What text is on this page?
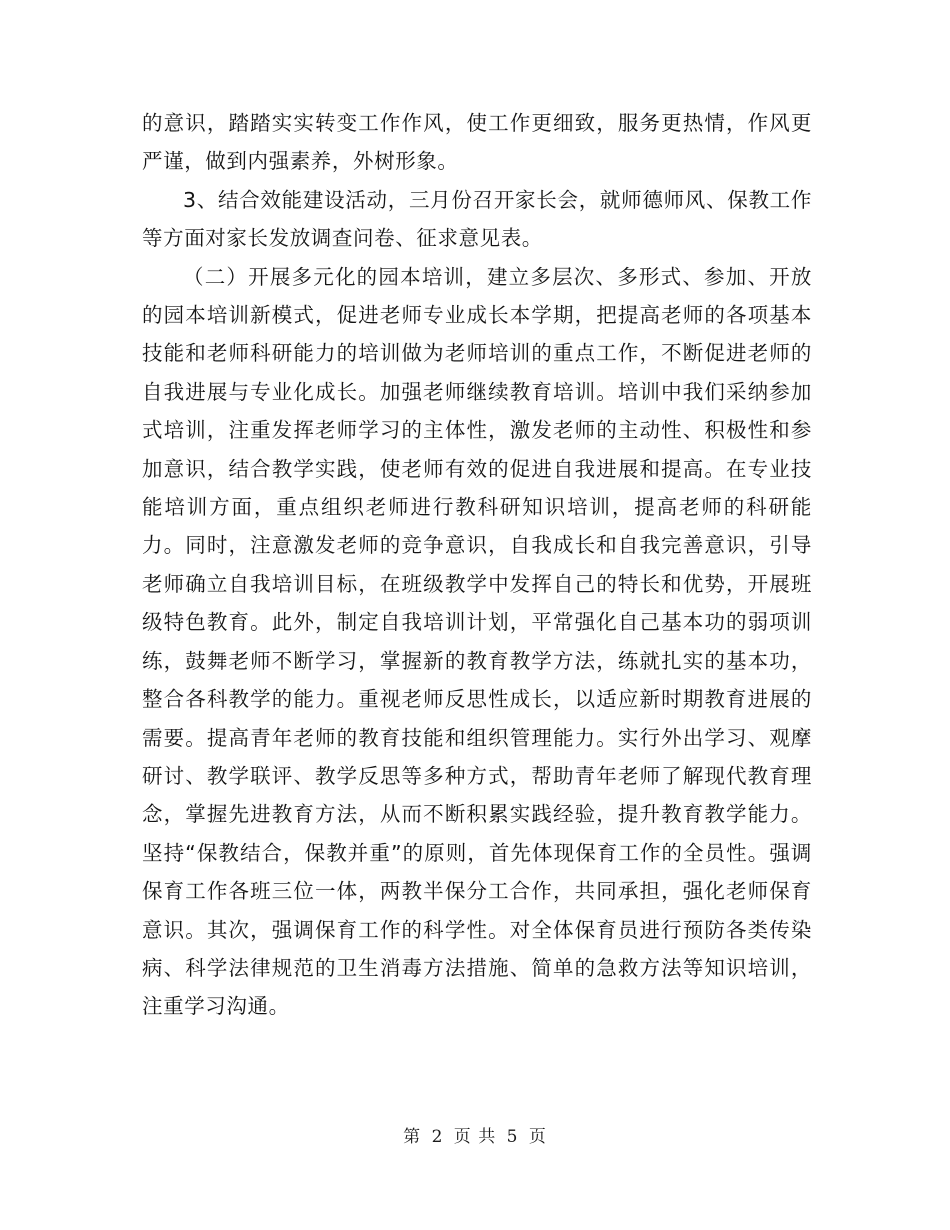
的意识，踏踏实实转变工作作风，使工作更细致，服务更热情，作风更严谨，做到内强素养，外树形象。

3、结合效能建设活动，三月份召开家长会，就师德师风、保教工作等方面对家长发放调查问卷、征求意见表。

（二）开展多元化的园本培训，建立多层次、多形式、参加、开放的园本培训新模式，促进老师专业成长本学期，把提高老师的各项基本技能和老师科研能力的培训做为老师培训的重点工作，不断促进老师的自我进展与专业化成长。加强老师继续教育培训。培训中我们采纳参加式培训，注重发挥老师学习的主体性，激发老师的主动性、积极性和参加意识，结合教学实践，使老师有效的促进自我进展和提高。在专业技能培训方面，重点组织老师进行教科研知识培训，提高老师的科研能力。同时，注意激发老师的竞争意识，自我成长和自我完善意识，引导老师确立自我培训目标，在班级教学中发挥自己的特长和优势，开展班级特色教育。此外，制定自我培训计划，平常强化自己基本功的弱项训练，鼓舞老师不断学习，掌握新的教育教学方法，练就扎实的基本功，整合各科教学的能力。重视老师反思性成长，以适应新时期教育进展的需要。提高青年老师的教育技能和组织管理能力。实行外出学习、观摩研讨、教学联评、教学反思等多种方式，帮助青年老师了解现代教育理念，掌握先进教育方法，从而不断积累实践经验，提升教育教学能力。坚持“保教结合，保教并重”的原则，首先体现保育工作的全员性。强调保育工作各班三位一体，两教半保分工合作，共同承担，强化老师保育意识。其次，强调保育工作的科学性。对全体保育员进行预防各类传染病、科学法律规范的卫生消毒方法措施、简单的急救方法等知识培训，注重学习沟通。

第 2 页 共 5 页
